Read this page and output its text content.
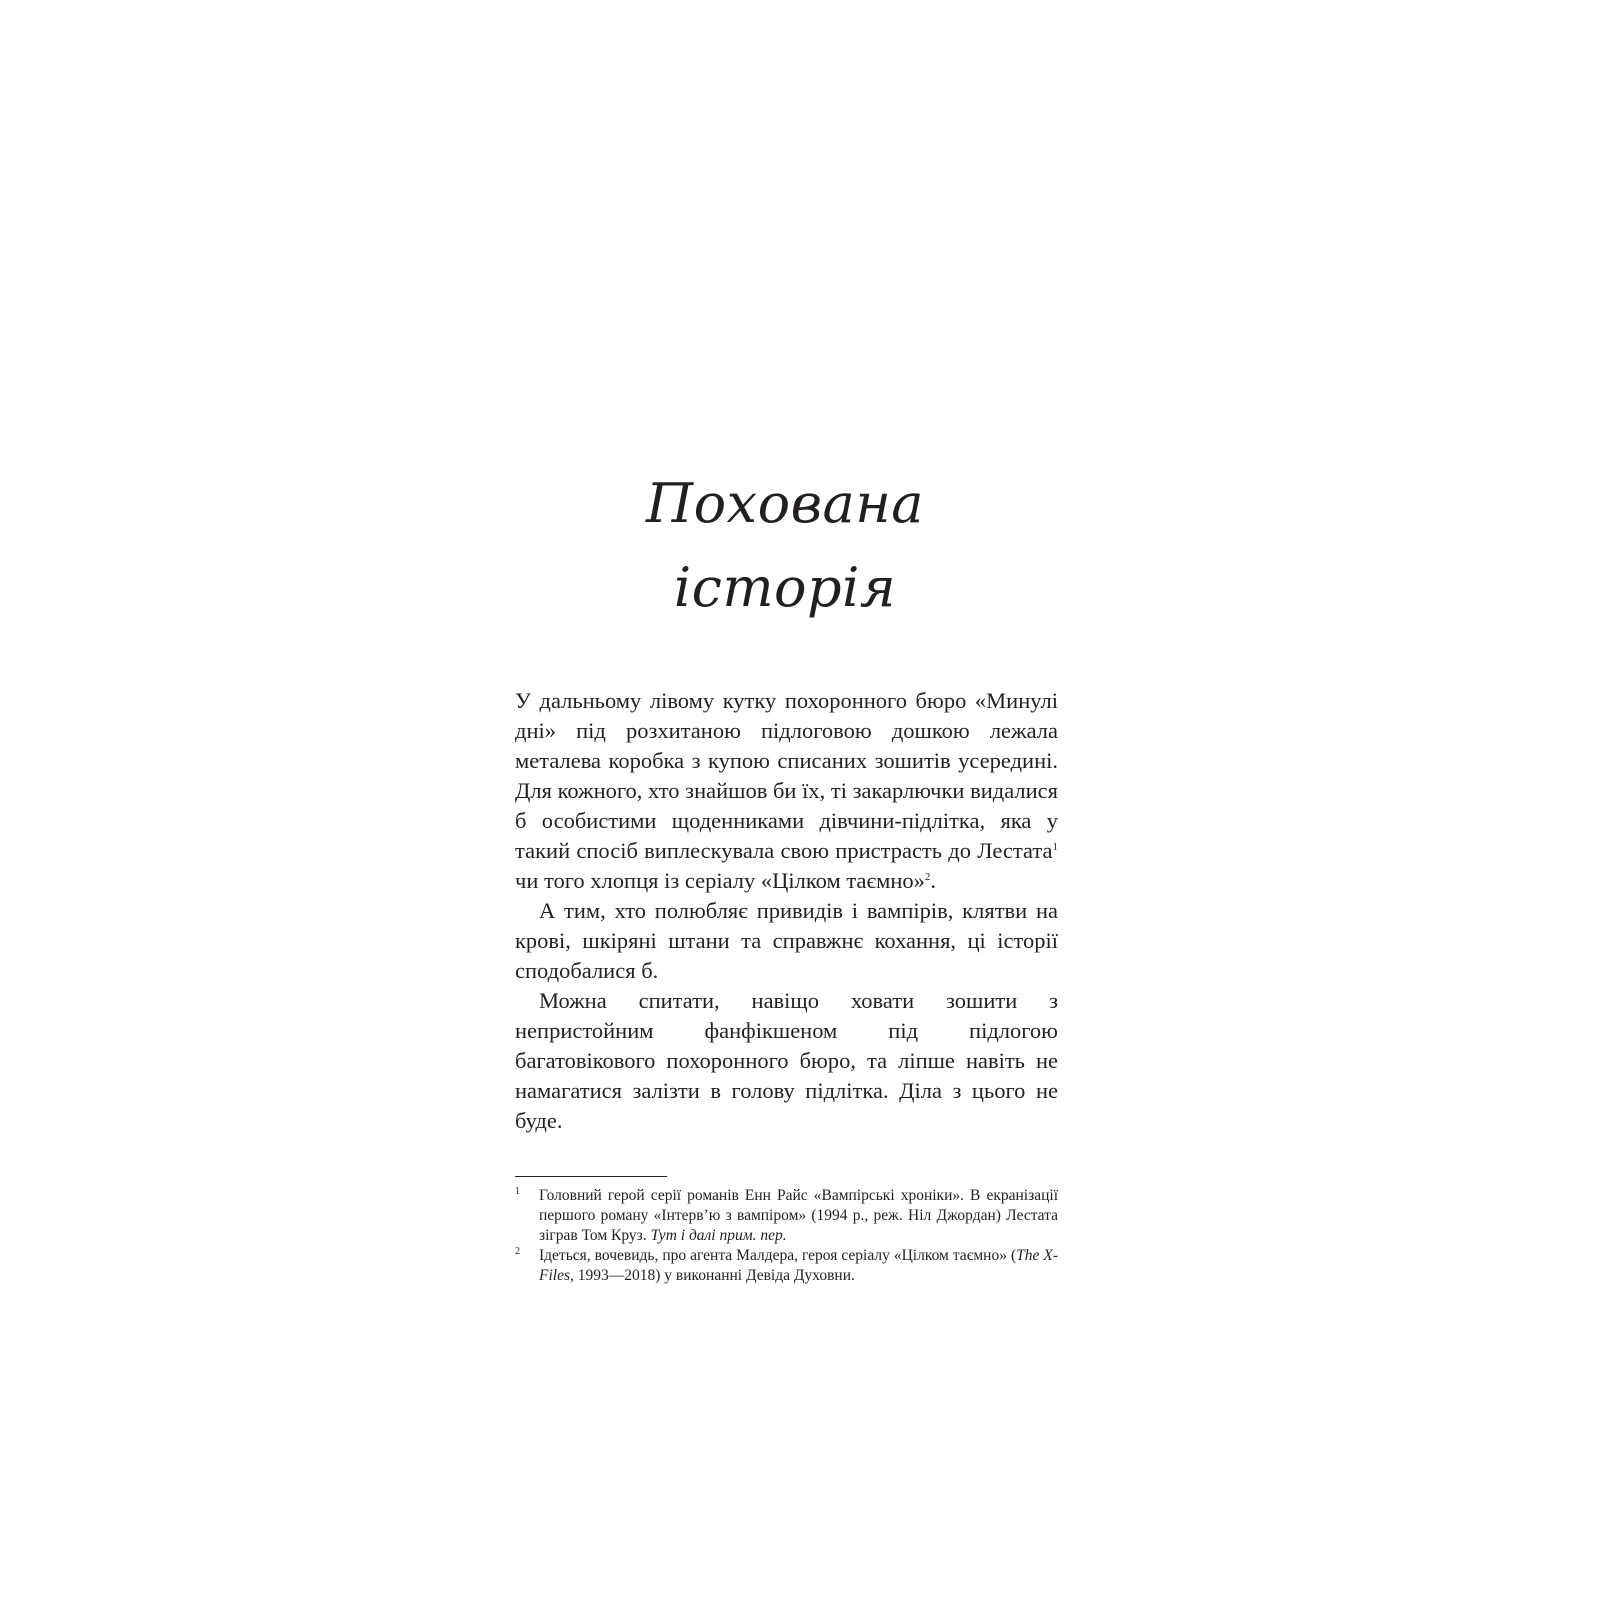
Похована
історія

У дальньому лівому кутку похоронного бюро «Минулі дні» під розхитаною підлоговою дошкою лежала металева коробка з купою списаних зошитів усередині. Для кожного, хто знайшов би їх, ті закарлючки видалися б особистими щоденниками дівчини-підлітка, яка у такий спосіб виплескувала свою пристрасть до Лестата$^1$ чи того хлопця із серіалу «Цілком таємно»$^2$.

А тим, хто полюбляє привидів і вампірів, клятви на крові, шкіряні штани та справжнє кохання, ці історії сподобалися б.

Можна спитати, навіщо ховати зошити з непристойним фанфікшеном під підлогою багатовікового похоронного бюро, та ліпше навіть не намагатися залізти в голову підлітка. Діла з цього не буде.

1 Головний герой серії романів Енн Райс «Вампірські хроніки». В екранізації першого роману «Інтерв’ю з вампіром» (1994 р., реж. Ніл Джордан) Лестата зіграв Том Круз. Тут і далі прим. пер.
2 Ідеться, вочевидь, про агента Малдера, героя серіалу «Цілком таємно» (The X-Files, 1993—2018) у виконанні Девіда Духовни.
